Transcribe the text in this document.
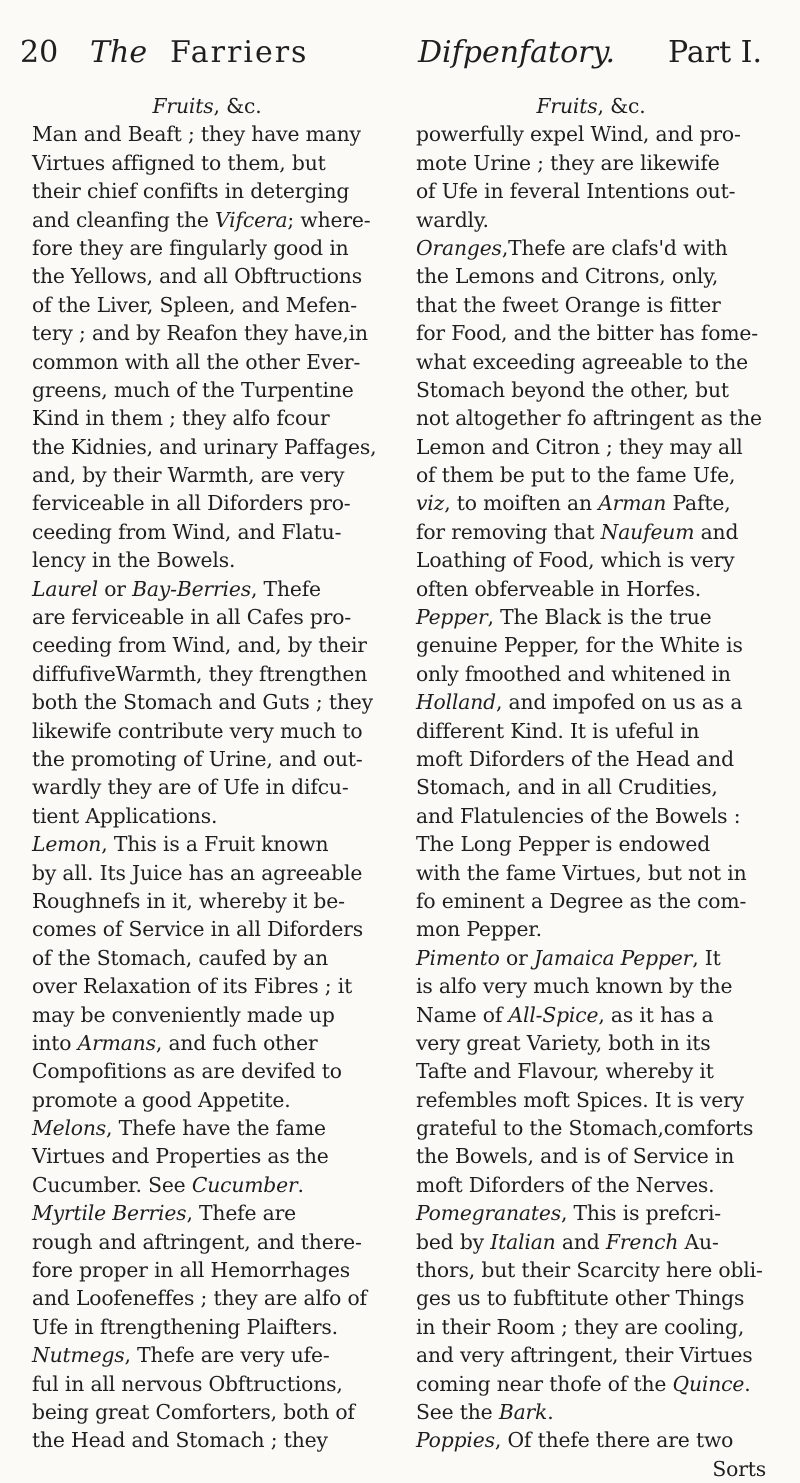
20 The Farriers	Difpenfatory. Part I.
Fruits, &c.
Man and Beaft ; they have many
Virtues affigned to them, but
their chief confifts in deterging
and cleanfing the Vifcera; where-
fore they are fingularly good in
the Yellows, and all Obftructions
of the Liver, Spleen, and Mefen-
tery ; and by Reafon they have,in
common with all the other Ever-
greens, much of the Turpentine
Kind in them ; they alfo fcour
the Kidnies, and urinary Paffages,
and, by their Warmth, are very
ferviceable in all Diforders pro-
ceeding from Wind, and Flatu-
lency in the Bowels.
Laurel or Bay-Berries, Thefe
are ferviceable in all Cafes pro-
ceeding from Wind, and, by their
diffufiveWarmth, they ftrengthen
both the Stomach and Guts ; they
likewife contribute very much to
the promoting of Urine, and out-
wardly they are of Ufe in difcu-
tient Applications.
Lemon, This is a Fruit known
by all. Its Juice has an agreeable
Roughnefs in it, whereby it be-
comes of Service in all Diforders
of the Stomach, caufed by an
over Relaxation of its Fibres ; it
may be conveniently made up
into Armans, and fuch other
Compofitions as are devifed to
promote a good Appetite.
Melons, Thefe have the fame
Virtues and Properties as the
Cucumber. See Cucumber.
Myrtile Berries, Thefe are
rough and aftringent, and there-
fore proper in all Hemorrhages
and Loofeneffes ; they are alfo of
Ufe in ftrengthening Plaifters.
Nutmegs, Thefe are very ufe-
ful in all nervous Obftructions,
being great Comforters, both of
the Head and Stomach ; they
Fruits, &c.
powerfully expel Wind, and pro-
mote Urine ; they are likewife
of Ufe in feveral Intentions out-
wardly.
Oranges,Thefe are clafs'd with
the Lemons and Citrons, only,
that the fweet Orange is fitter
for Food, and the bitter has fome-
what exceeding agreeable to the
Stomach beyond the other, but
not altogether fo aftringent as the
Lemon and Citron ; they may all
of them be put to the fame Ufe,
viz, to moiften an Arman Pafte,
for removing that Naufeum and
Loathing of Food, which is very
often obferveable in Horfes.
Pepper, The Black is the true
genuine Pepper, for the White is
only fmoothed and whitened in
Holland, and impofed on us as a
different Kind. It is ufeful in
moft Diforders of the Head and
Stomach, and in all Crudities,
and Flatulencies of the Bowels :
The Long Pepper is endowed
with the fame Virtues, but not in
fo eminent a Degree as the com-
mon Pepper.
Pimento or Jamaica Pepper, It
is alfo very much known by the
Name of All-Spice, as it has a
very great Variety, both in its
Tafte and Flavour, whereby it
refembles moft Spices. It is very
grateful to the Stomach,comforts
the Bowels, and is of Service in
moft Diforders of the Nerves.
Pomegranates, This is prefcri-
bed by Italian and French Au-
thors, but their Scarcity here obli-
ges us to fubftitute other Things
in their Room ; they are cooling,
and very aftringent, their Virtues
coming near thofe of the Quince.
See the Bark.
Poppies, Of thefe there are two
Sorts
